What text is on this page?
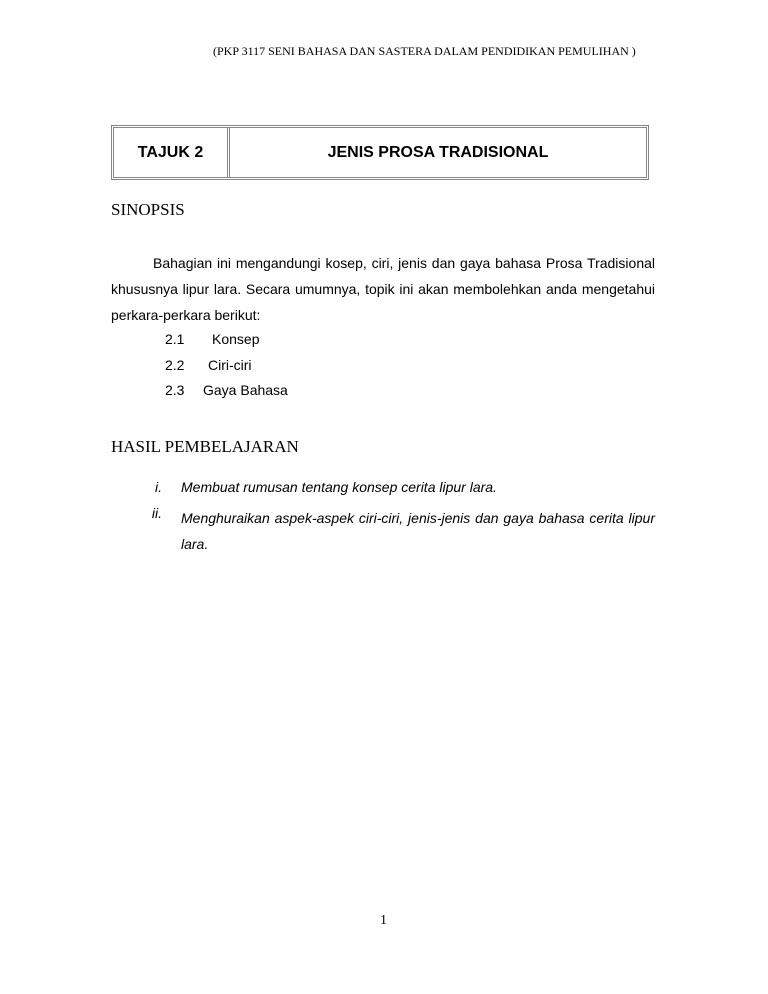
(PKP 3117 SENI BAHASA DAN SASTERA DALAM PENDIDIKAN PEMULIHAN )
TAJUK 2	JENIS PROSA TRADISIONAL
SINOPSIS
Bahagian ini mengandungi kosep, ciri, jenis dan gaya bahasa Prosa Tradisional khususnya lipur lara. Secara umumnya, topik ini akan membolehkan anda mengetahui perkara-perkara berikut:
2.1 Konsep
2.2 Ciri-ciri
2.3 Gaya Bahasa
HASIL PEMBELAJARAN
i. Membuat rumusan tentang konsep cerita lipur lara.
ii. Menghuraikan aspek-aspek ciri-ciri, jenis-jenis dan gaya bahasa cerita lipur lara.
1
